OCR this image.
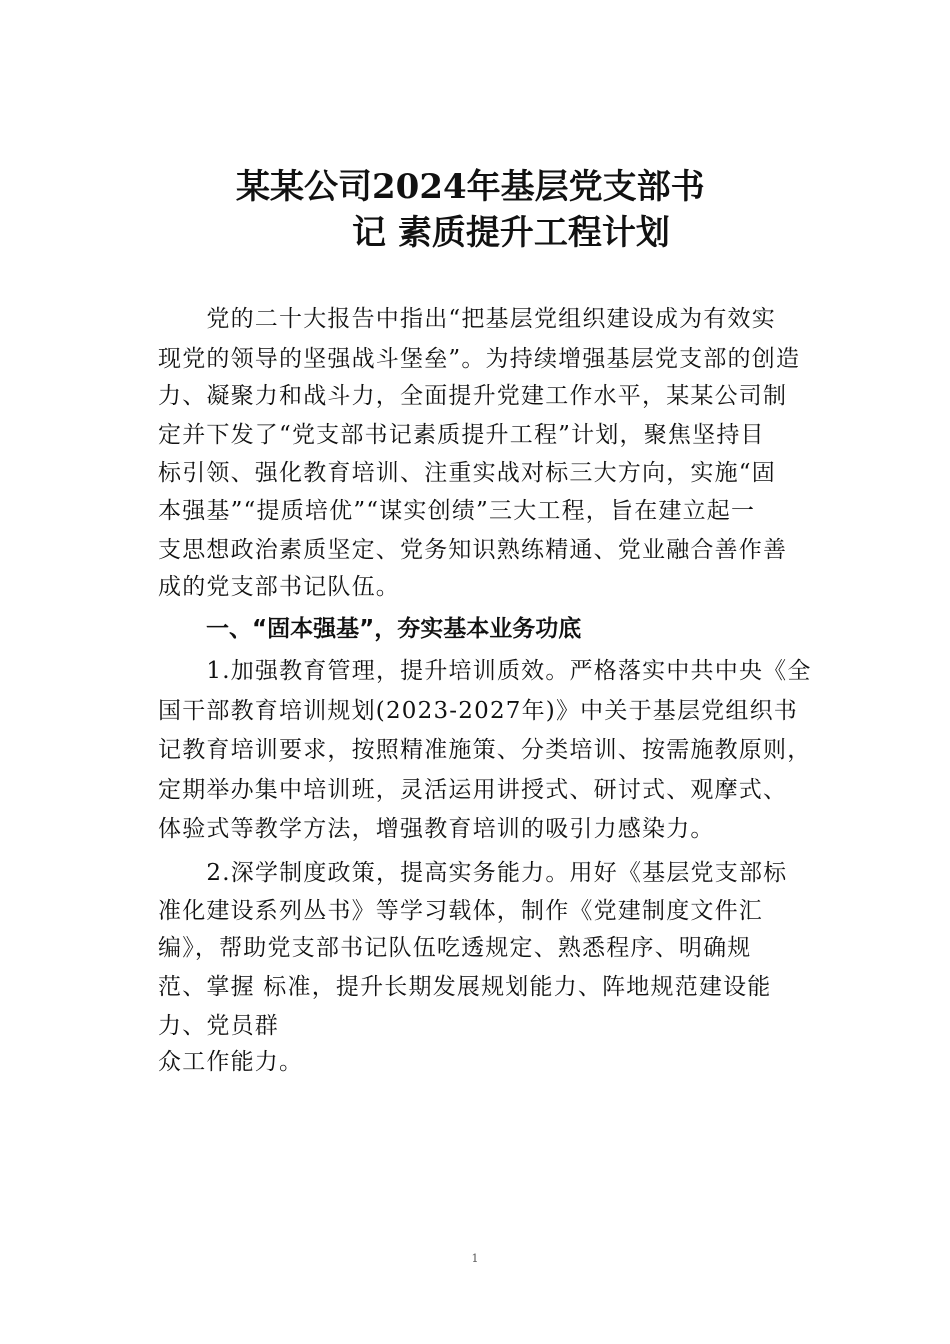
某某公司2024年基层党支部书
记 素质提升工程计划
　　党的二十大报告中指出“把基层党组织建设成为有效实
现党的领导的坚强战斗堡垒”。为持续增强基层党支部的创造
力、凝聚力和战斗力，全面提升党建工作水平，某某公司制
定并下发了“党支部书记素质提升工程”计划，聚焦坚持目
标引领、强化教育培训、注重实战对标三大方向，实施“固
本强基”“提质培优”“谋实创绩”三大工程，旨在建立起一
支思想政治素质坚定、党务知识熟练精通、党业融合善作善
成的党支部书记队伍。
一、“固本强基”，夯实基本业务功底
　　1.加强教育管理，提升培训质效。严格落实中共中央《全
国干部教育培训规划(2023-2027年)》中关于基层党组织书
记教育培训要求，按照精准施策、分类培训、按需施教原则，
定期举办集中培训班，灵活运用讲授式、研讨式、观摩式、
体验式等教学方法，增强教育培训的吸引力感染力。
　　2.深学制度政策，提高实务能力。用好《基层党支部标
准化建设系列丛书》等学习载体，制作《党建制度文件汇
编》，帮助党支部书记队伍吃透规定、熟悉程序、明确规
范、掌握 标准，提升长期发展规划能力、阵地规范建设能
力、党员群
众工作能力。
1
